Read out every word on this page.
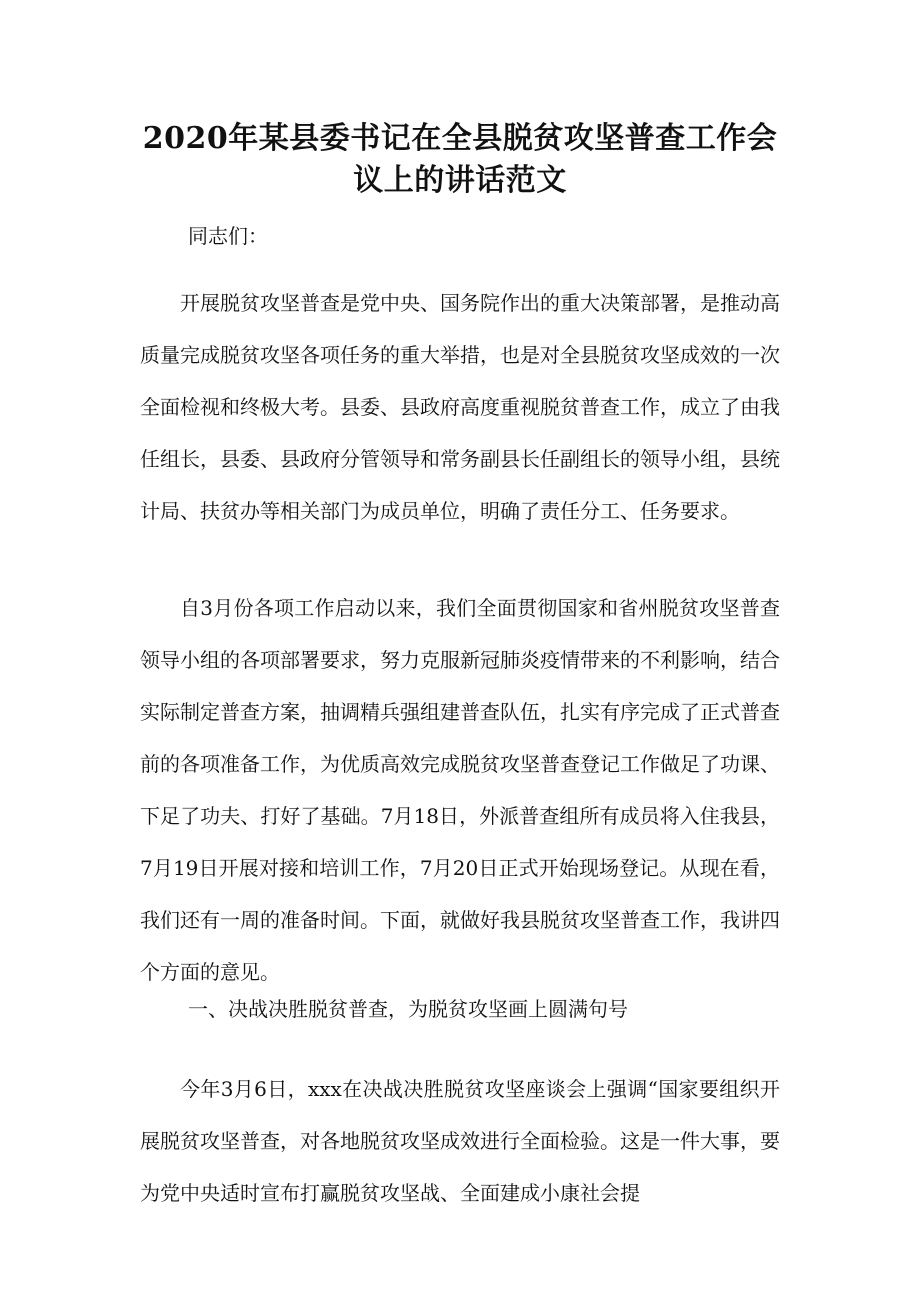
2020年某县委书记在全县脱贫攻坚普查工作会议上的讲话范文

同志们：

开展脱贫攻坚普查是党中央、国务院作出的重大决策部署，是推动高质量完成脱贫攻坚各项任务的重大举措，也是对全县脱贫攻坚成效的一次全面检视和终极大考。县委、县政府高度重视脱贫普查工作，成立了由我任组长，县委、县政府分管领导和常务副县长任副组长的领导小组，县统计局、扶贫办等相关部门为成员单位，明确了责任分工、任务要求。

自3月份各项工作启动以来，我们全面贯彻国家和省州脱贫攻坚普查领导小组的各项部署要求，努力克服新冠肺炎疫情带来的不利影响，结合实际制定普查方案，抽调精兵强组建普查队伍，扎实有序完成了正式普查前的各项准备工作，为优质高效完成脱贫攻坚普查登记工作做足了功课、下足了功夫、打好了基础。7月18日，外派普查组所有成员将入住我县，7月19日开展对接和培训工作，7月20日正式开始现场登记。从现在看，我们还有一周的准备时间。下面，就做好我县脱贫攻坚普查工作，我讲四个方面的意见。

一、决战决胜脱贫普查，为脱贫攻坚画上圆满句号

今年3月6日，xxx在决战决胜脱贫攻坚座谈会上强调“国家要组织开展脱贫攻坚普查，对各地脱贫攻坚成效进行全面检验。这是一件大事，要为党中央适时宣布打赢脱贫攻坚战、全面建成小康社会提
